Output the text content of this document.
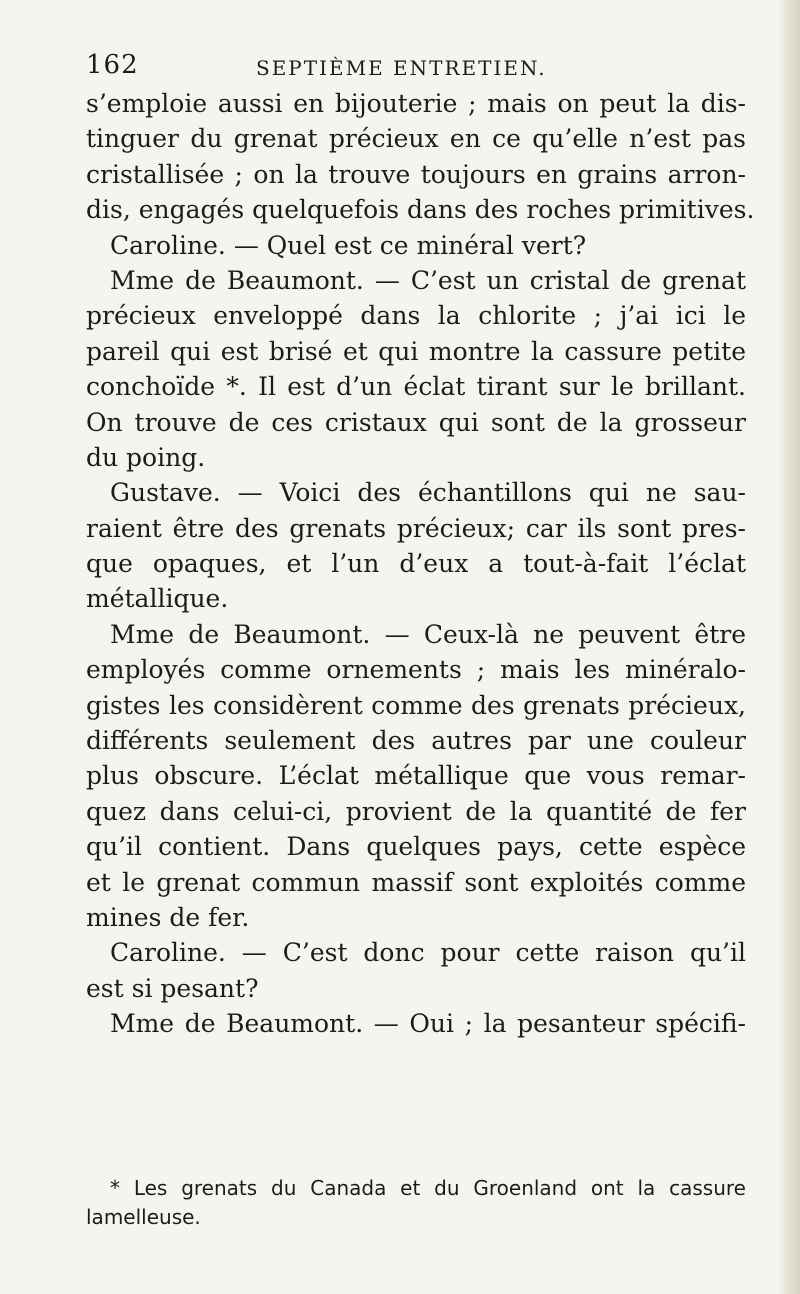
162	SEPTIÈME ENTRETIEN.
s’emploie aussi en bijouterie ; mais on peut la dis-
tinguer du grenat précieux en ce qu’elle n’est pas
cristallisée ; on la trouve toujours en grains arron-
dis, engagés quelquefois dans des roches primitives.
Caroline. — Quel est ce minéral vert?
Mme de Beaumont. — C’est un cristal de grenat
précieux enveloppé dans la chlorite ; j’ai ici le
pareil qui est brisé et qui montre la cassure petite
conchoïde *. Il est d’un éclat tirant sur le brillant.
On trouve de ces cristaux qui sont de la grosseur
du poing.
Gustave. — Voici des échantillons qui ne sau-
raient être des grenats précieux; car ils sont pres-
que opaques, et l’un d’eux a tout-à-fait l’éclat
métallique.
Mme de Beaumont. — Ceux-là ne peuvent être
employés comme ornements ; mais les minéralo-
gistes les considèrent comme des grenats précieux,
différents seulement des autres par une couleur
plus obscure. L’éclat métallique que vous remar-
quez dans celui-ci, provient de la quantité de fer
qu’il contient. Dans quelques pays, cette espèce
et le grenat commun massif sont exploités comme
mines de fer.
Caroline. — C’est donc pour cette raison qu’il
est si pesant?
Mme de Beaumont. — Oui ; la pesanteur spécifi-
* Les grenats du Canada et du Groenland ont la cassure
lamelleuse.
